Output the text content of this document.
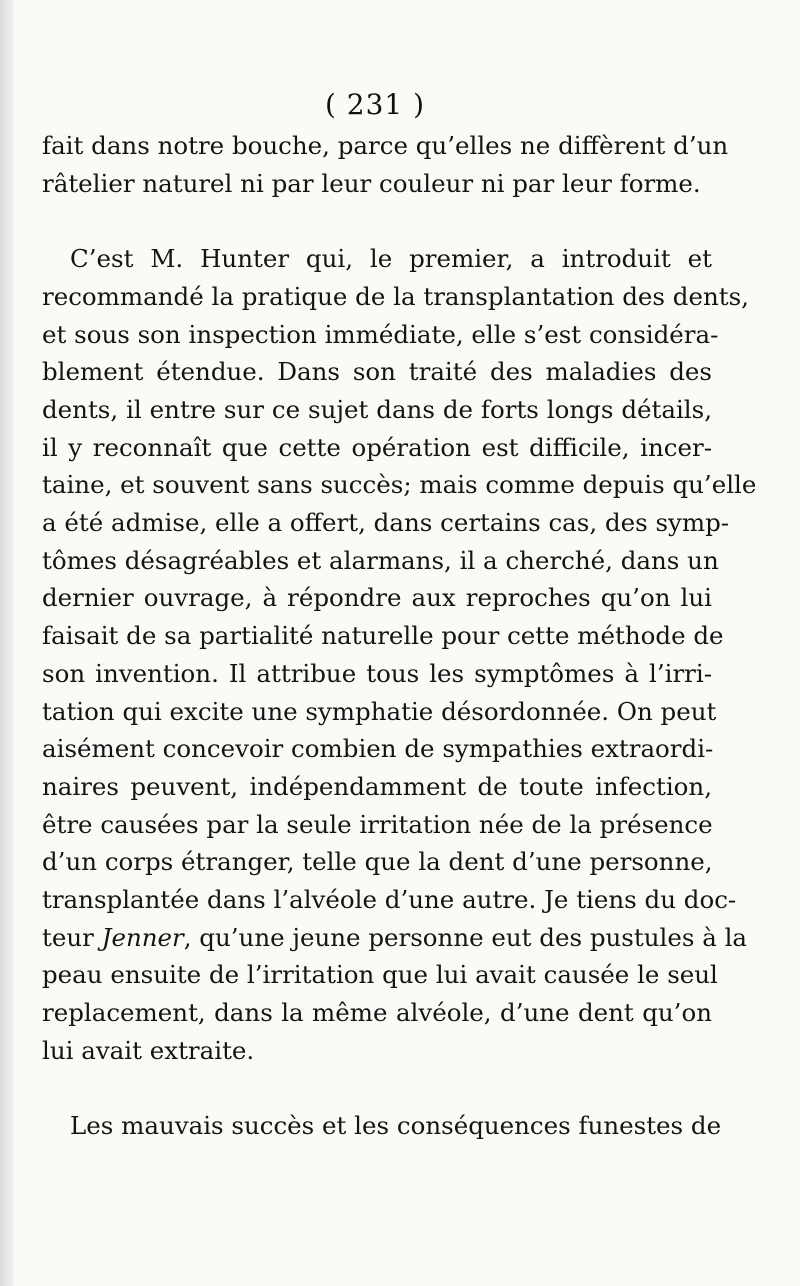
( 231 )
fait dans notre bouche, parce qu’elles ne diffèrent d’un
râtelier naturel ni par leur couleur ni par leur forme.
C’est M. Hunter qui, le premier, a introduit et
recommandé la pratique de la transplantation des dents,
et sous son inspection immédiate, elle s’est considéra-
blement étendue. Dans son traité des maladies des
dents, il entre sur ce sujet dans de forts longs détails,
il y reconnaît que cette opération est difficile, incer-
taine, et souvent sans succès; mais comme depuis qu’elle
a été admise, elle a offert, dans certains cas, des symp-
tômes désagréables et alarmans, il a cherché, dans un
dernier ouvrage, à répondre aux reproches qu’on lui
faisait de sa partialité naturelle pour cette méthode de
son invention. Il attribue tous les symptômes à l’irri-
tation qui excite une symphatie désordonnée. On peut
aisément concevoir combien de sympathies extraordi-
naires peuvent, indépendamment de toute infection,
être causées par la seule irritation née de la présence
d’un corps étranger, telle que la dent d’une personne,
transplantée dans l’alvéole d’une autre. Je tiens du doc-
teur Jenner, qu’une jeune personne eut des pustules à la
peau ensuite de l’irritation que lui avait causée le seul
replacement, dans la même alvéole, d’une dent qu’on
lui avait extraite.
Les mauvais succès et les conséquences funestes de
